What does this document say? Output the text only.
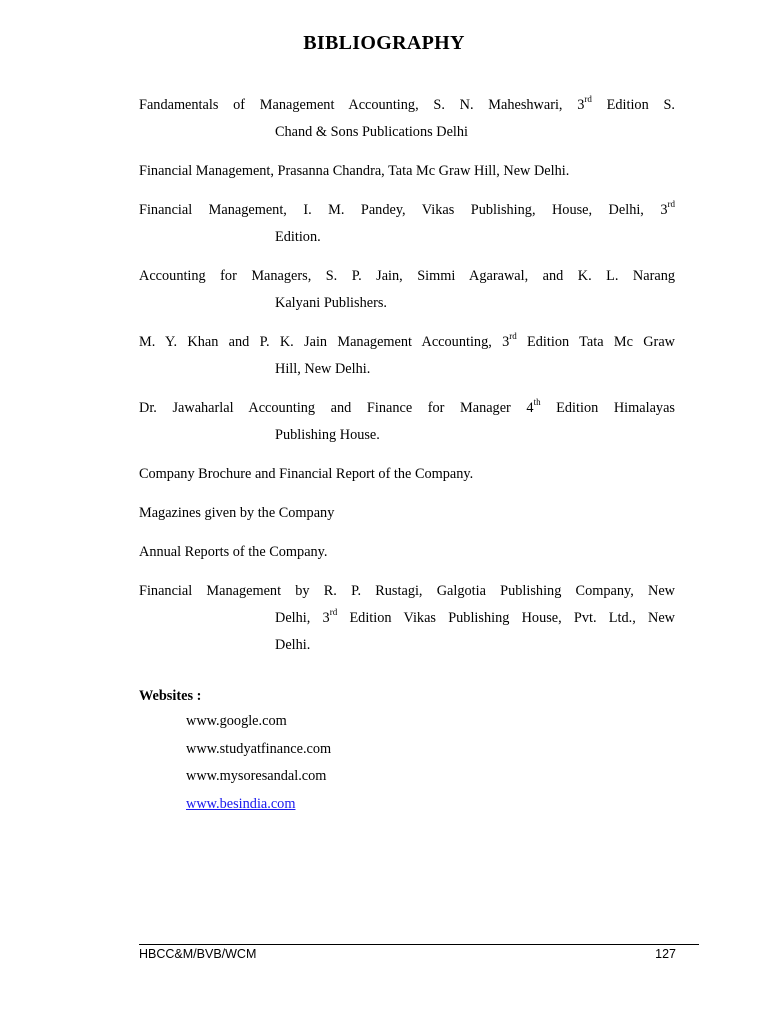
BIBLIOGRAPHY
Fandamentals of Management Accounting, S. N. Maheshwari, 3rd Edition S.
Chand & Sons Publications Delhi
Financial Management, Prasanna Chandra, Tata Mc Graw Hill, New Delhi.
Financial Management, I. M. Pandey, Vikas Publishing, House, Delhi, 3rd
Edition.
Accounting for Managers, S. P. Jain, Simmi Agarawal, and K. L. Narang
Kalyani Publishers.
M. Y. Khan and P. K. Jain Management Accounting, 3rd Edition Tata Mc Graw
Hill, New Delhi.
Dr. Jawaharlal Accounting and Finance for Manager 4th Edition Himalayas
Publishing House.
Company Brochure and Financial Report of the Company.
Magazines given by the Company
Annual Reports of the Company.
Financial Management by R. P. Rustagi, Galgotia Publishing Company, New
Delhi, 3rd Edition Vikas Publishing House, Pvt. Ltd., New
Delhi.
Websites :
www.google.com
www.studyatfinance.com
www.mysoresandal.com
www.besindia.com
HBCC&M/BVB/WCM	127
